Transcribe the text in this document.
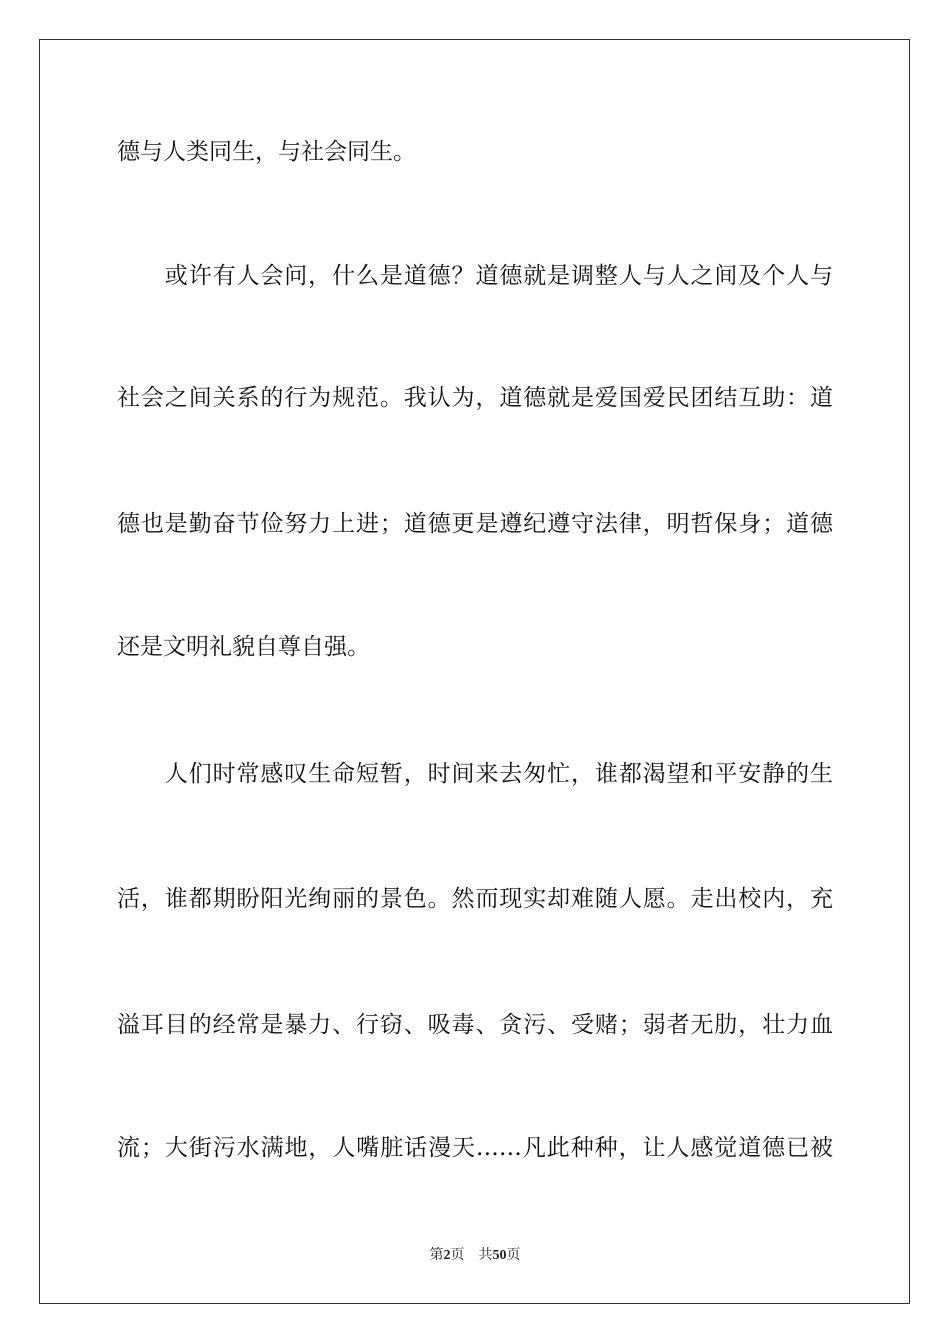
德与人类同生，与社会同生。
　　或许有人会问，什么是道德？道德就是调整人与人之间及个人与
社会之间关系的行为规范。我认为，道德就是爱国爱民团结互助：道
德也是勤奋节俭努力上进；道德更是遵纪遵守法律，明哲保身；道德
还是文明礼貌自尊自强。
　　人们时常感叹生命短暂，时间来去匆忙，谁都渴望和平安静的生
活，谁都期盼阳光绚丽的景色。然而现实却难随人愿。走出校内，充
溢耳目的经常是暴力、行窃、吸毒、贪污、受赌；弱者无肋，壮力血
流；大街污水满地，人嘴脏话漫天……凡此种种，让人感觉道德已被
第2页 共50页
